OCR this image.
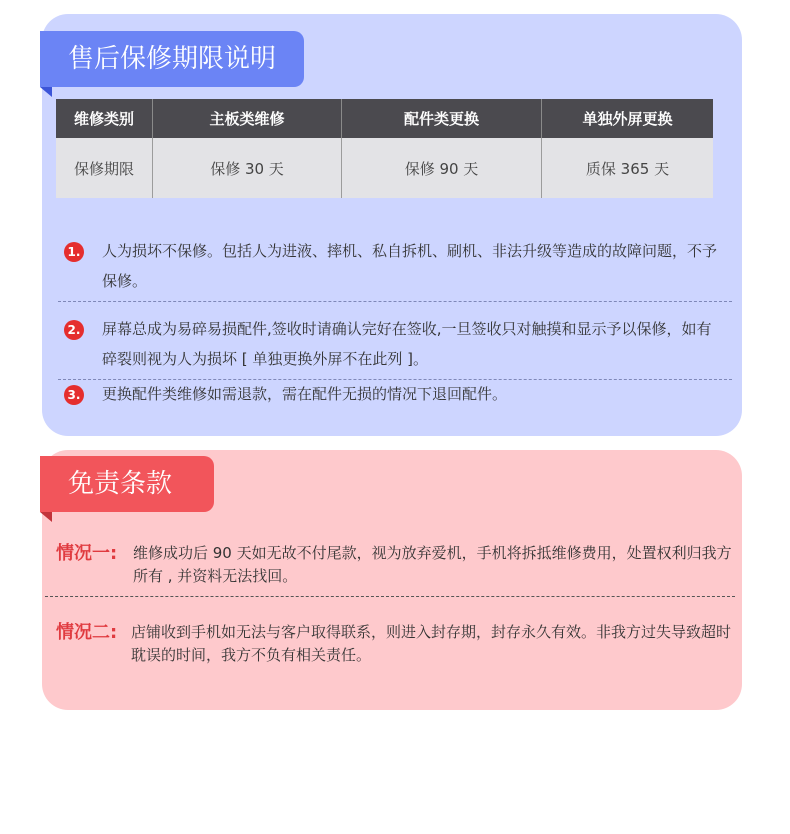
售后保修期限说明
维修类别	主板类维修	配件类更换	单独外屏更换
保修期限	保修 30 天	保修 90 天	质保 365 天
1. 人为损坏不保修。包括人为进液、摔机、私自拆机、刷机、非法升级等造成的故障问题，不予保修。
2. 屏幕总成为易碎易损配件,签收时请确认完好在签收,一旦签收只对触摸和显示予以保修，如有碎裂则视为人为损坏 [ 单独更换外屏不在此列 ]。
3. 更换配件类维修如需退款，需在配件无损的情况下退回配件。
免责条款
情况一: 维修成功后 90 天如无故不付尾款，视为放弃爱机，手机将拆抵维修费用，处置权利归我方所有 , 并资料无法找回。
情况二: 店铺收到手机如无法与客户取得联系，则进入封存期，封存永久有效。非我方过失导致超时耽误的时间，我方不负有相关责任。
